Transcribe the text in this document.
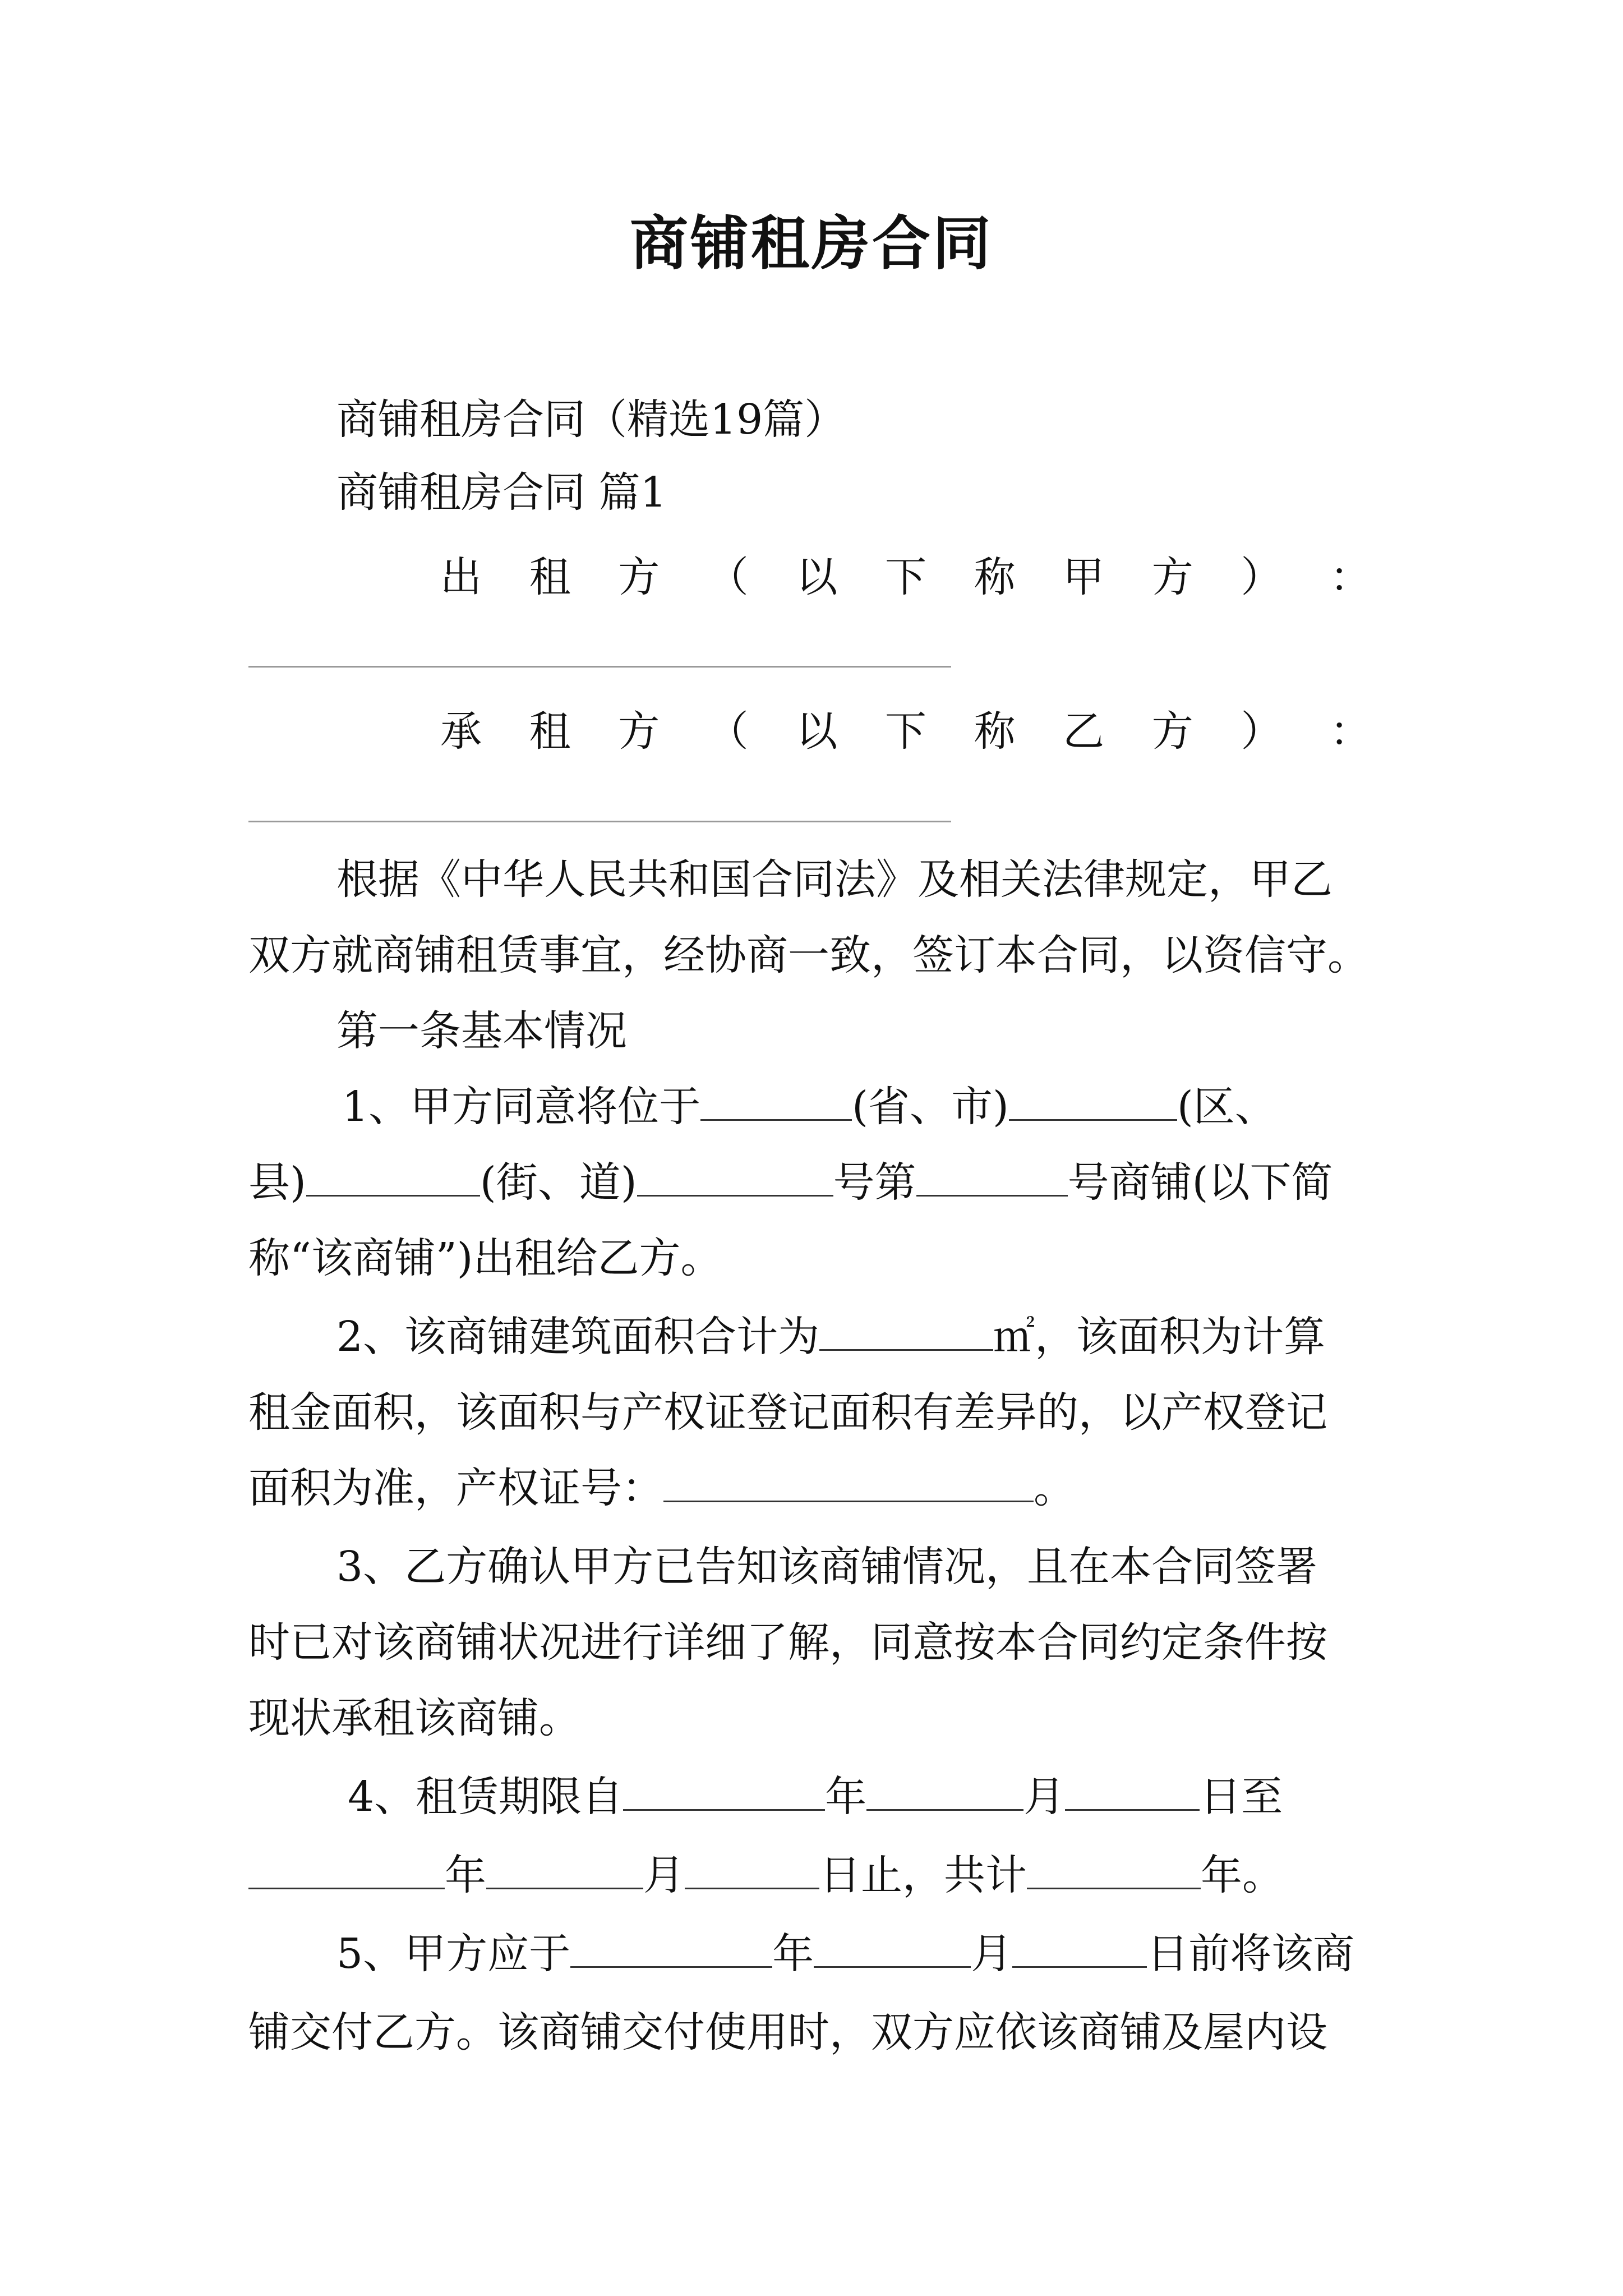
商铺租房合同
商铺租房合同（精选19篇）
商铺租房合同 篇1
出 租 方 （ 以 下 称 甲 方 ） ：
承 租 方 （ 以 下 称 乙 方 ） ：
根据《中华人民共和国合同法》及相关法律规定，甲乙
双方就商铺租赁事宜，经协商一致，签订本合同，以资信守。
第一条基本情况
1、甲方同意将位于	(省、市)	(区、
县)	(街、道)	号第	号商铺(以下简
称“该商铺”)出租给乙方。
2、该商铺建筑面积合计为	㎡，该面积为计算
租金面积，该面积与产权证登记面积有差异的，以产权登记
面积为准，产权证号：	。
3、乙方确认甲方已告知该商铺情况，且在本合同签署
时已对该商铺状况进行详细了解，同意按本合同约定条件按
现状承租该商铺。
4、租赁期限自	年	月	日至
年	月	日止，共计	年。
5、甲方应于	年	月	日前将该商
铺交付乙方。该商铺交付使用时，双方应依该商铺及屋内设
